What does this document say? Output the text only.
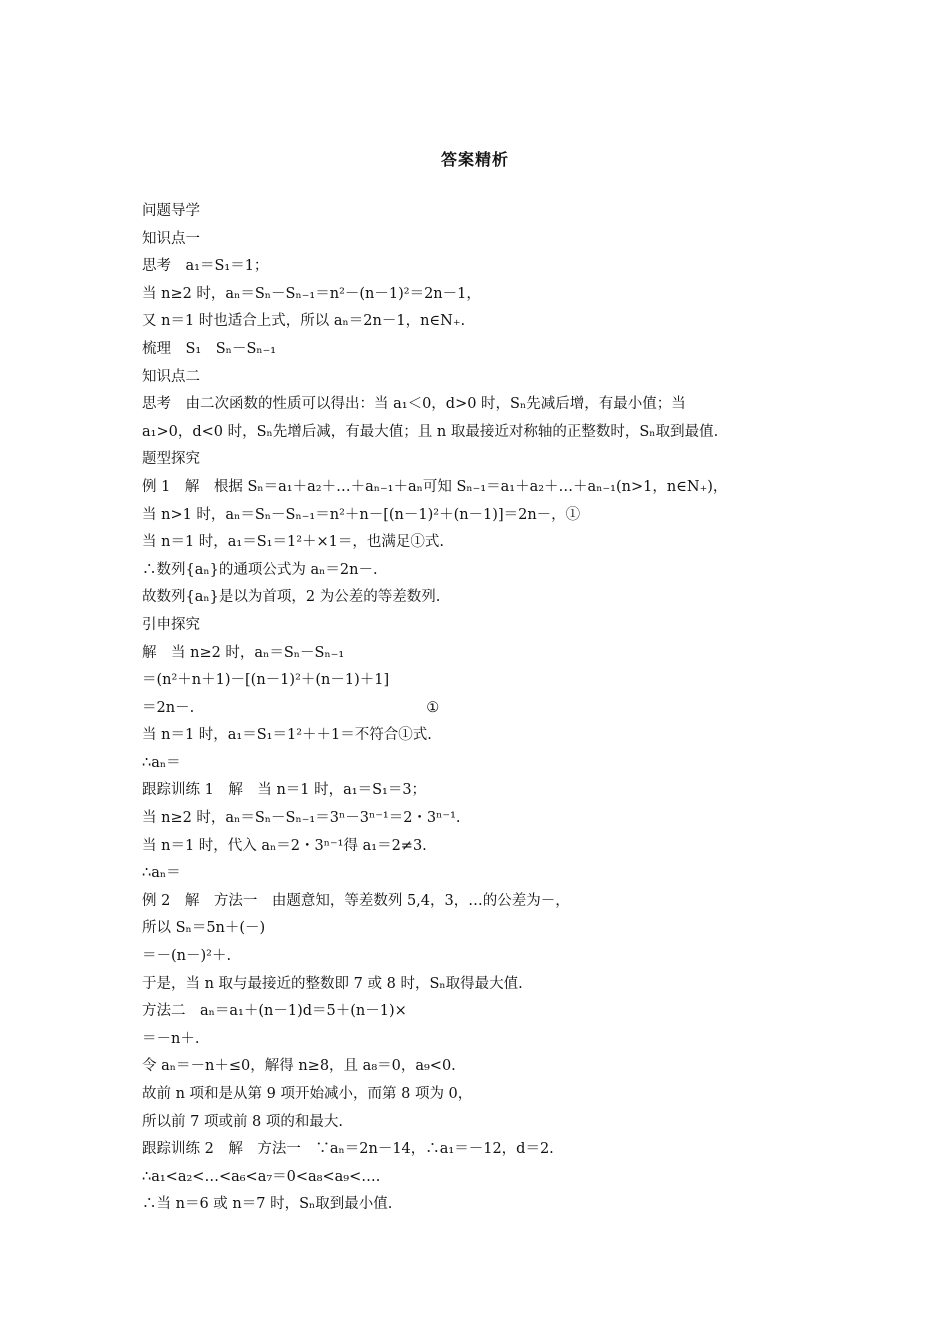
答案精析
问题导学
知识点一
思考　a₁＝S₁＝1；
当 n≥2 时，aₙ＝Sₙ－Sₙ₋₁＝n²－(n－1)²＝2n－1，
又 n＝1 时也适合上式，所以 aₙ＝2n－1，n∈N₊.
梳理　S₁　Sₙ－Sₙ₋₁
知识点二
思考　由二次函数的性质可以得出：当 a₁＜0，d>0 时，Sₙ先减后增，有最小值；当
a₁>0，d<0 时，Sₙ先增后减，有最大值；且 n 取最接近对称轴的正整数时，Sₙ取到最值.
题型探究
例 1　解　根据 Sₙ＝a₁＋a₂＋…＋aₙ₋₁＋aₙ可知 Sₙ₋₁＝a₁＋a₂＋…＋aₙ₋₁(n>1，n∈N₊)，
当 n>1 时，aₙ＝Sₙ－Sₙ₋₁＝n²＋n－[(n－1)²＋(n－1)]＝2n－，①
当 n＝1 时，a₁＝S₁＝1²＋×1＝，也满足①式.
∴数列{aₙ}的通项公式为 aₙ＝2n－.
故数列{aₙ}是以为首项，2 为公差的等差数列.
引申探究
解　当 n≥2 时，aₙ＝Sₙ－Sₙ₋₁
＝(n²＋n＋1)－[(n－1)²＋(n－1)＋1]
＝2n－.	①
当 n＝1 时，a₁＝S₁＝1²＋＋1＝不符合①式.
∴aₙ＝
跟踪训练 1　解　当 n＝1 时，a₁＝S₁＝3；
当 n≥2 时，aₙ＝Sₙ－Sₙ₋₁＝3ⁿ－3ⁿ⁻¹＝2・3ⁿ⁻¹.
当 n＝1 时，代入 aₙ＝2・3ⁿ⁻¹得 a₁＝2≠3.
∴aₙ＝
例 2　解　方法一　由题意知，等差数列 5,4，3，…的公差为－，
所以 Sₙ＝5n＋(－)
＝－(n－)²＋.
于是，当 n 取与最接近的整数即 7 或 8 时，Sₙ取得最大值.
方法二　aₙ＝a₁＋(n－1)d＝5＋(n－1)×
＝－n＋.
令 aₙ＝－n＋≤0，解得 n≥8，且 a₈＝0，a₉<0.
故前 n 项和是从第 9 项开始减小，而第 8 项为 0，
所以前 7 项或前 8 项的和最大.
跟踪训练 2　解　方法一　∵aₙ＝2n－14，∴a₁＝－12，d＝2.
∴a₁<a₂<…<a₆<a₇＝0<a₈<a₉<….
∴当 n＝6 或 n＝7 时，Sₙ取到最小值.
